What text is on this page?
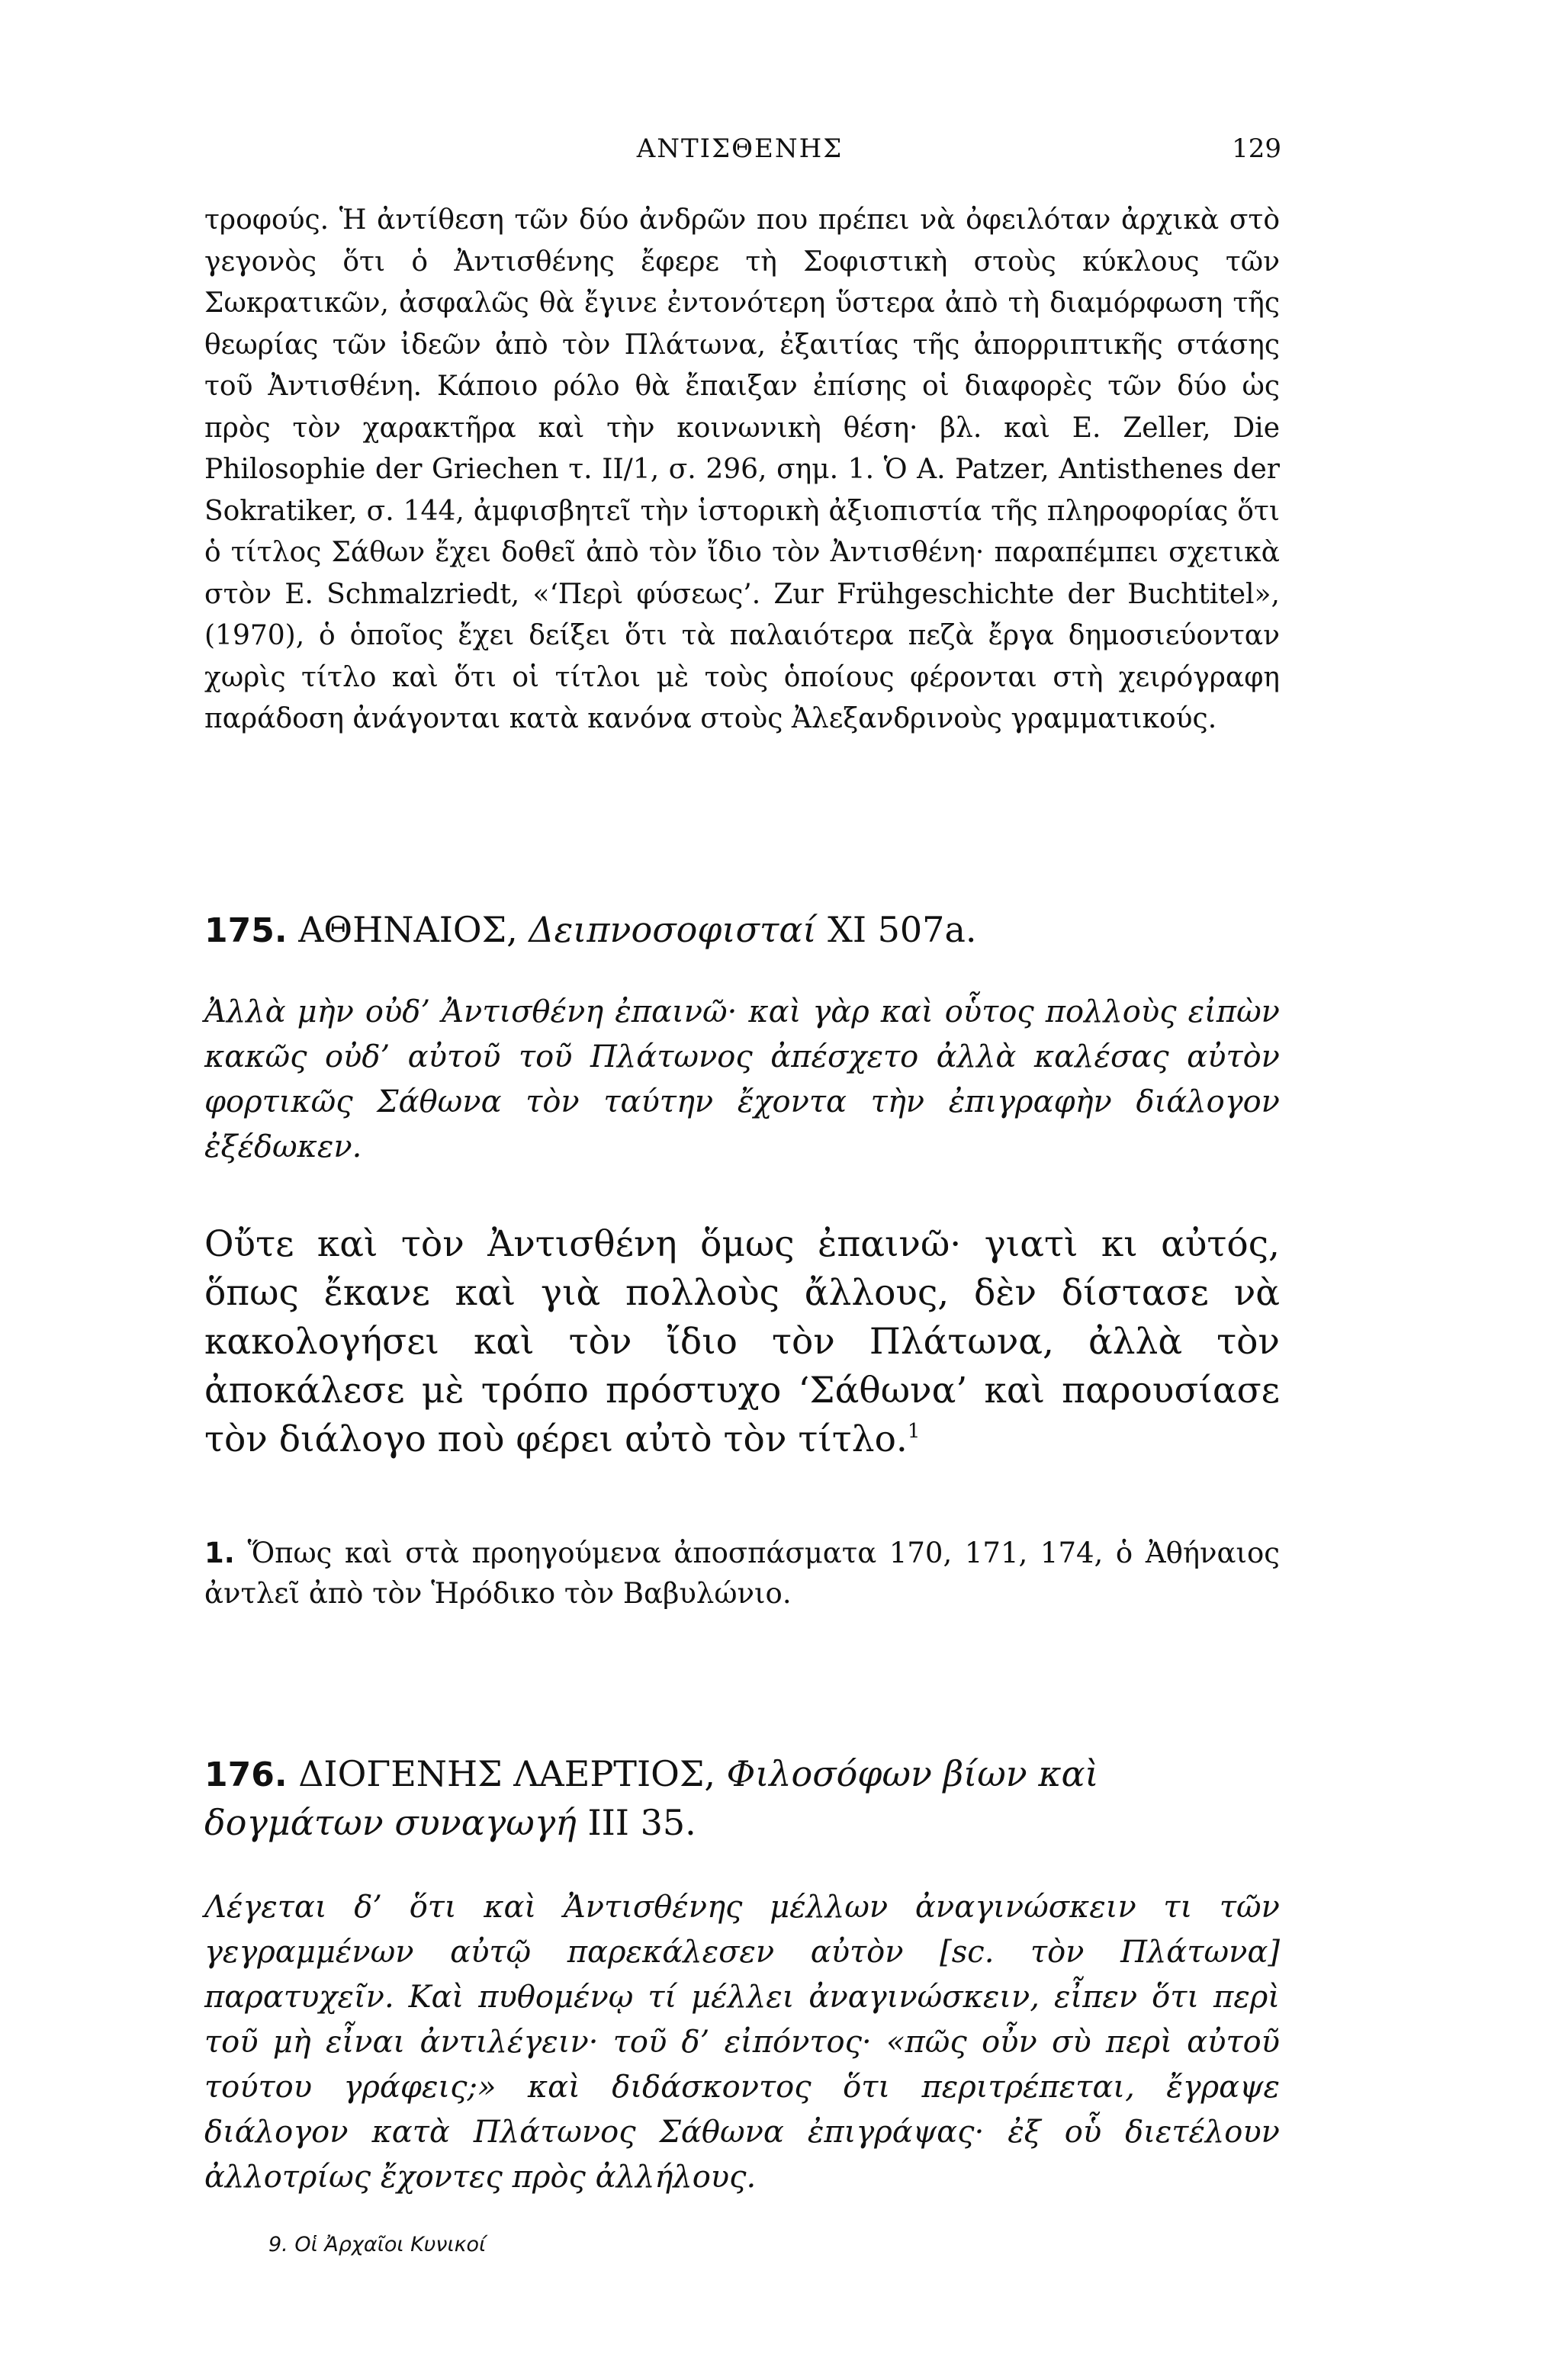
ΑΝΤΙΣΘΕΝΗΣ	129

τροφούς. Ἡ ἀντίθεση τῶν δύο ἀνδρῶν που πρέπει νὰ ὀφειλόταν ἀρχικὰ στὸ γεγονὸς ὅτι ὁ Ἀντισθένης ἔφερε τὴ Σοφιστικὴ στοὺς κύκλους τῶν Σωκρατικῶν, ἀσφαλῶς θὰ ἔγινε ἐντονότερη ὕστερα ἀπὸ τὴ διαμόρφωση τῆς θεωρίας τῶν ἰδεῶν ἀπὸ τὸν Πλάτωνα, ἐξαιτίας τῆς ἀπορριπτικῆς στάσης τοῦ Ἀντισθένη. Κάποιο ρόλο θὰ ἔπαιξαν ἐπίσης οἱ διαφορὲς τῶν δύο ὡς πρὸς τὸν χαρακτῆρα καὶ τὴν κοινωνικὴ θέση· βλ. καὶ E. Zeller, Die Philosophie der Griechen τ. II/1, σ. 296, σημ. 1. Ὁ A. Patzer, Antisthenes der Sokratiker, σ. 144, ἀμφισβητεῖ τὴν ἱστορικὴ ἀξιοπιστία τῆς πληροφορίας ὅτι ὁ τίτλος Σάθων ἔχει δοθεῖ ἀπὸ τὸν ἴδιο τὸν Ἀντισθένη· παραπέμπει σχετικὰ στὸν E. Schmalzriedt, «‘Περὶ φύσεως’. Zur Frühgeschichte der Buchtitel», (1970), ὁ ὁποῖος ἔχει δείξει ὅτι τὰ παλαιότερα πεζὰ ἔργα δημοσιεύονταν χωρὶς τίτλο καὶ ὅτι οἱ τίτλοι μὲ τοὺς ὁποίους φέρονται στὴ χειρόγραφη παράδοση ἀνάγονται κατὰ κανόνα στοὺς Ἀλεξανδρινοὺς γραμματικούς.

175. ΑΘΗΝΑΙΟΣ, Δειπνοσοφισταί XI 507a.

Ἀλλὰ μὴν οὐδ’ Ἀντισθένη ἐπαινῶ· καὶ γὰρ καὶ οὗτος πολλοὺς εἰπὼν κακῶς οὐδ’ αὐτοῦ τοῦ Πλάτωνος ἀπέσχετο ἀλλὰ καλέσας αὐτὸν φορτικῶς Σάθωνα τὸν ταύτην ἔχοντα τὴν ἐπιγραφὴν διάλογον ἐξέδωκεν.

Οὔτε καὶ τὸν Ἀντισθένη ὅμως ἐπαινῶ· γιατὶ κι αὐτός, ὅπως ἔκανε καὶ γιὰ πολλοὺς ἄλλους, δὲν δίστασε νὰ κακολογήσει καὶ τὸν ἴδιο τὸν Πλάτωνα, ἀλλὰ τὸν ἀποκάλεσε μὲ τρόπο πρόστυχο ‘Σάθωνα’ καὶ παρουσίασε τὸν διάλογο ποὺ φέρει αὐτὸ τὸν τίτλο.$^1$

1. Ὅπως καὶ στὰ προηγούμενα ἀποσπάσματα 170, 171, 174, ὁ Ἀθήναιος ἀντλεῖ ἀπὸ τὸν Ἡρόδικο τὸν Βαβυλώνιο.

176. ΔΙΟΓΕΝΗΣ ΛΑΕΡΤΙΟΣ, Φιλοσόφων βίων καὶ δογμάτων συναγωγή III 35.

Λέγεται δ’ ὅτι καὶ Ἀντισθένης μέλλων ἀναγινώσκειν τι τῶν γεγραμμένων αὐτῷ παρεκάλεσεν αὐτὸν [sc. τὸν Πλάτωνα] παρατυχεῖν. Καὶ πυθομένῳ τί μέλλει ἀναγινώσκειν, εἶπεν ὅτι περὶ τοῦ μὴ εἶναι ἀντιλέγειν· τοῦ δ’ εἰπόντος· «πῶς οὖν σὺ περὶ αὐτοῦ τούτου γράφεις;» καὶ διδάσκοντος ὅτι περιτρέπεται, ἔγραψε διάλογον κατὰ Πλάτωνος Σάθωνα ἐπιγράψας· ἐξ οὗ διετέλουν ἀλλοτρίως ἔχοντες πρὸς ἀλλήλους.

9. Οἱ Ἀρχαῖοι Κυνικοί
